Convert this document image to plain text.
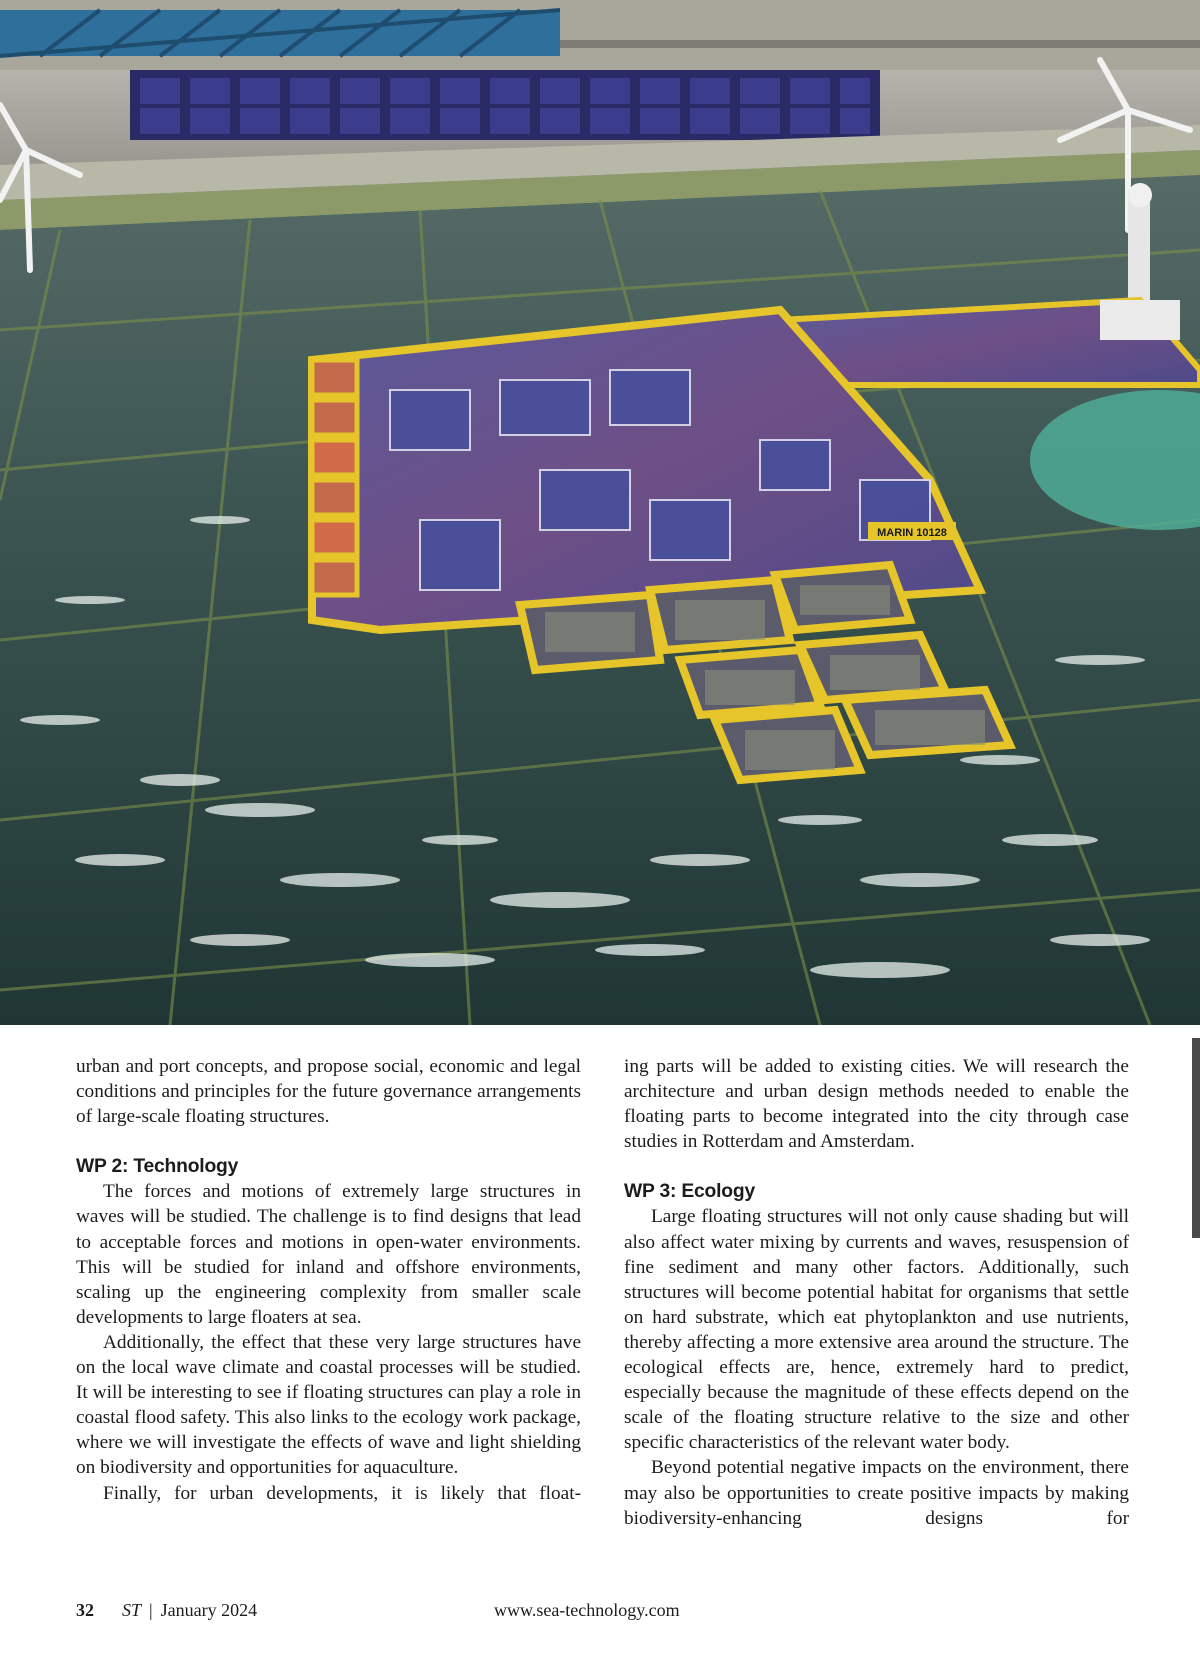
MARIN 10128

urban and port concepts, and propose social, economic and legal conditions and principles for the future governance arrangements of large-scale floating structures.

WP 2: Technology

The forces and motions of extremely large structures in waves will be studied. The challenge is to find designs that lead to acceptable forces and motions in open-water environments. This will be studied for inland and offshore environments, scaling up the engineering complexity from smaller scale developments to large floaters at sea.

Additionally, the effect that these very large structures have on the local wave climate and coastal processes will be studied. It will be interesting to see if floating structures can play a role in coastal flood safety. This also links to the ecology work package, where we will investigate the effects of wave and light shielding on biodiversity and opportunities for aquaculture.

Finally, for urban developments, it is likely that float-

ing parts will be added to existing cities. We will research the architecture and urban design methods needed to enable the floating parts to become integrated into the city through case studies in Rotterdam and Amsterdam.

WP 3: Ecology

Large floating structures will not only cause shading but will also affect water mixing by currents and waves, resuspension of fine sediment and many other factors. Additionally, such structures will become potential habitat for organisms that settle on hard substrate, which eat phytoplankton and use nutrients, thereby affecting a more extensive area around the structure. The ecological effects are, hence, extremely hard to predict, especially because the magnitude of these effects depend on the scale of the floating structure relative to the size and other specific characteristics of the relevant water body.

Beyond potential negative impacts on the environment, there may also be opportunities to create positive impacts by making biodiversity-enhancing designs for

32 ST | January 2024	www.sea-technology.com
